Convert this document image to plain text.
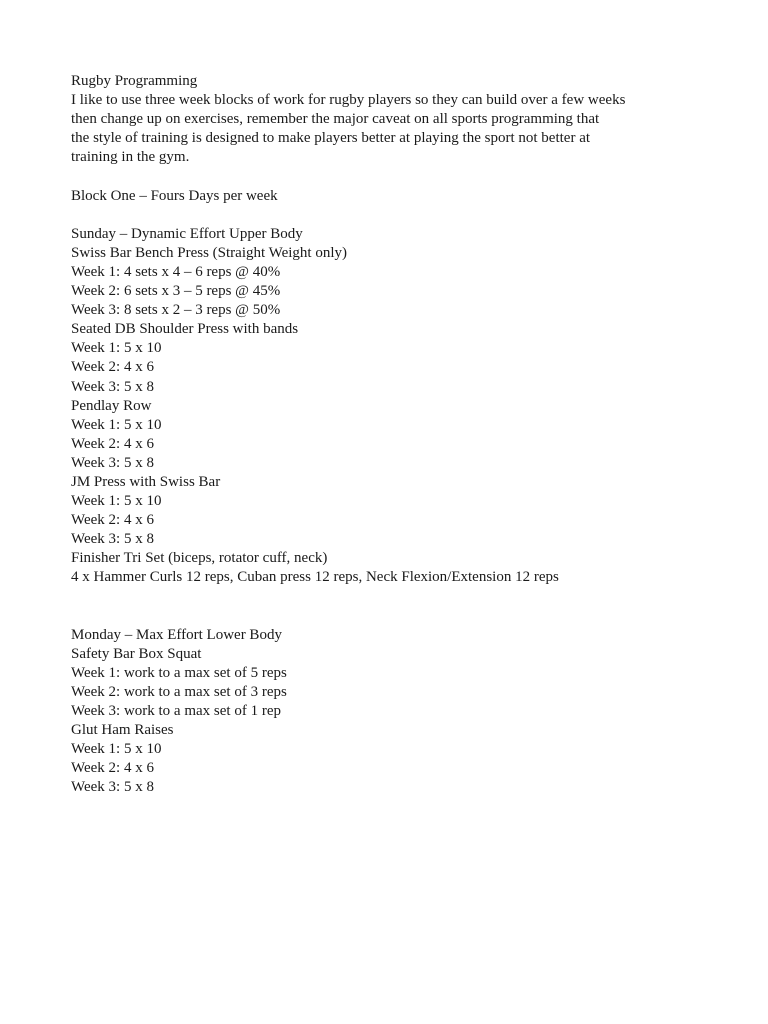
Rugby Programming
I like to use three week blocks of work for rugby players so they can build over a few weeks
then change up on exercises, remember the major caveat on all sports programming that
the style of training is designed to make players better at playing the sport not better at
training in the gym.
Block One – Fours Days per week
Sunday – Dynamic Effort Upper Body
Swiss Bar Bench Press (Straight Weight only)
Week 1: 4 sets x 4 – 6 reps @ 40%
Week 2: 6 sets x 3 – 5 reps @ 45%
Week 3: 8 sets x 2 – 3 reps @ 50%
Seated DB Shoulder Press with bands
Week 1: 5 x 10
Week 2: 4 x 6
Week 3: 5 x 8
Pendlay Row
Week 1: 5 x 10
Week 2: 4 x 6
Week 3: 5 x 8
JM Press with Swiss Bar
Week 1: 5 x 10
Week 2: 4 x 6
Week 3: 5 x 8
Finisher Tri Set (biceps, rotator cuff, neck)
4 x Hammer Curls 12 reps, Cuban press 12 reps, Neck Flexion/Extension 12 reps
Monday – Max Effort Lower Body
Safety Bar Box Squat
Week 1: work to a max set of 5 reps
Week 2: work to a max set of 3 reps
Week 3: work to a max set of 1 rep
Glut Ham Raises
Week 1: 5 x 10
Week 2: 4 x 6
Week 3: 5 x 8
